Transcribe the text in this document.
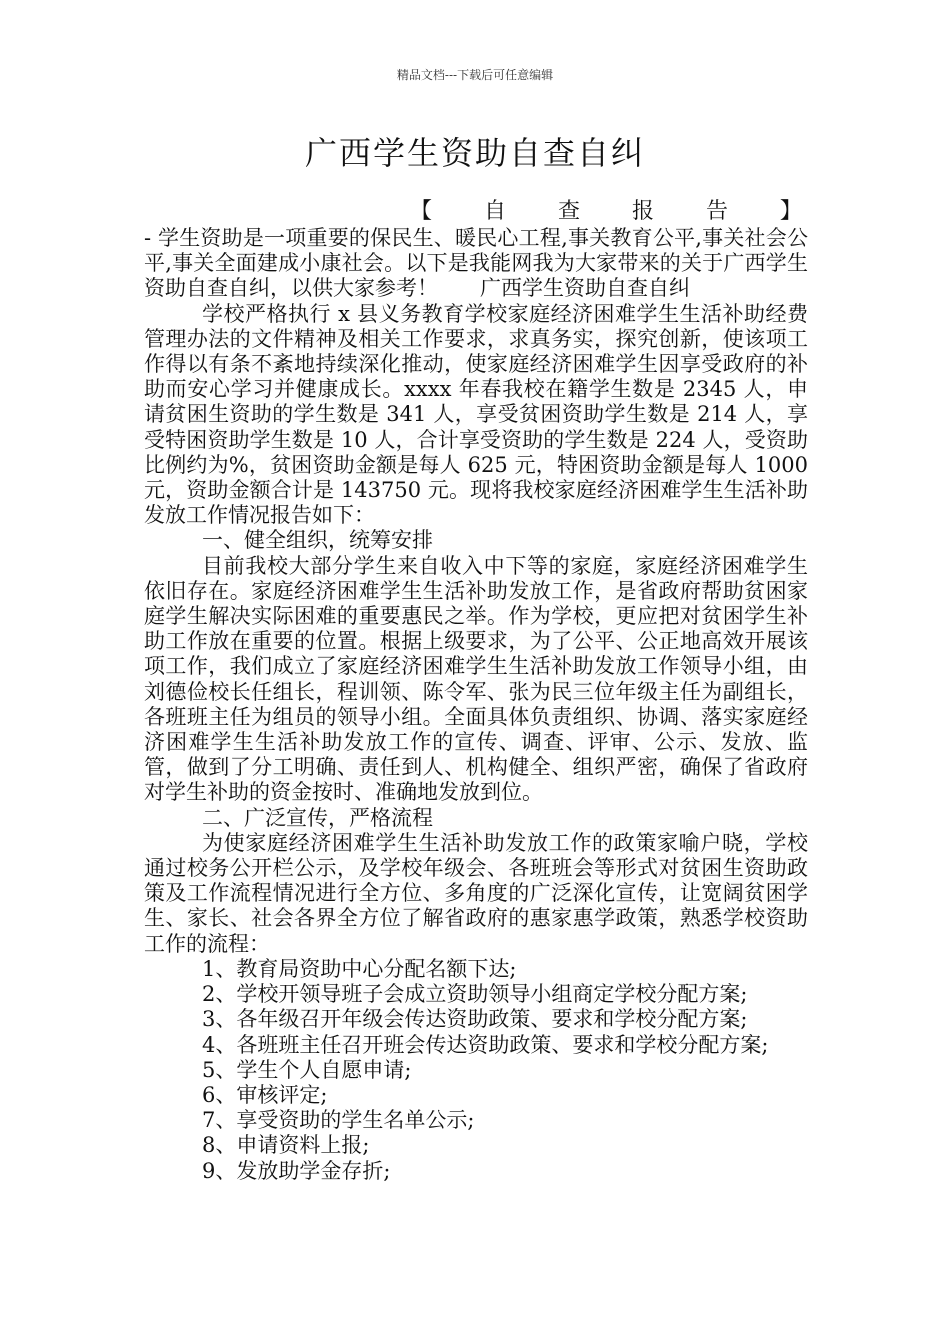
精品文档---下载后可任意编辑
广西学生资助自查自纠
【 自 查 报 告 】

- 学生资助是一项重要的保民生、暖民心工程,事关教育公平,事关社会公平,事关全面建成小康社会。以下是我能网我为大家带来的关于广西学生资助自查自纠，以供大家参考！　　广西学生资助自查自纠

学校严格执行 x 县义务教育学校家庭经济困难学生生活补助经费管理办法的文件精神及相关工作要求，求真务实，探究创新，使该项工作得以有条不紊地持续深化推动，使家庭经济困难学生因享受政府的补助而安心学习并健康成长。xxxx 年春我校在籍学生数是 2345 人，申请贫困生资助的学生数是 341 人，享受贫困资助学生数是 214 人，享受特困资助学生数是 10 人，合计享受资助的学生数是 224 人，受资助比例约为%，贫困资助金额是每人 625 元，特困资助金额是每人 1000 元，资助金额合计是 143750 元。现将我校家庭经济困难学生生活补助发放工作情况报告如下：

一、健全组织，统筹安排

目前我校大部分学生来自收入中下等的家庭，家庭经济困难学生依旧存在。家庭经济困难学生生活补助发放工作，是省政府帮助贫困家庭学生解决实际困难的重要惠民之举。作为学校，更应把对贫困学生补助工作放在重要的位置。根据上级要求，为了公平、公正地高效开展该项工作，我们成立了家庭经济困难学生生活补助发放工作领导小组，由刘德俭校长任组长，程训领、陈令军、张为民三位年级主任为副组长，各班班主任为组员的领导小组。全面具体负责组织、协调、落实家庭经济困难学生生活补助发放工作的宣传、调查、评审、公示、发放、监管，做到了分工明确、责任到人、机构健全、组织严密，确保了省政府对学生补助的资金按时、准确地发放到位。

二、广泛宣传，严格流程

为使家庭经济困难学生生活补助发放工作的政策家喻户晓，学校通过校务公开栏公示，及学校年级会、各班班会等形式对贫困生资助政策及工作流程情况进行全方位、多角度的广泛深化宣传，让宽阔贫困学生、家长、社会各界全方位了解省政府的惠家惠学政策，熟悉学校资助工作的流程：

1、教育局资助中心分配名额下达;

2、学校开领导班子会成立资助领导小组商定学校分配方案;

3、各年级召开年级会传达资助政策、要求和学校分配方案;

4、各班班主任召开班会传达资助政策、要求和学校分配方案;

5、学生个人自愿申请;

6、审核评定;

7、享受资助的学生名单公示;

8、申请资料上报;

9、发放助学金存折;
